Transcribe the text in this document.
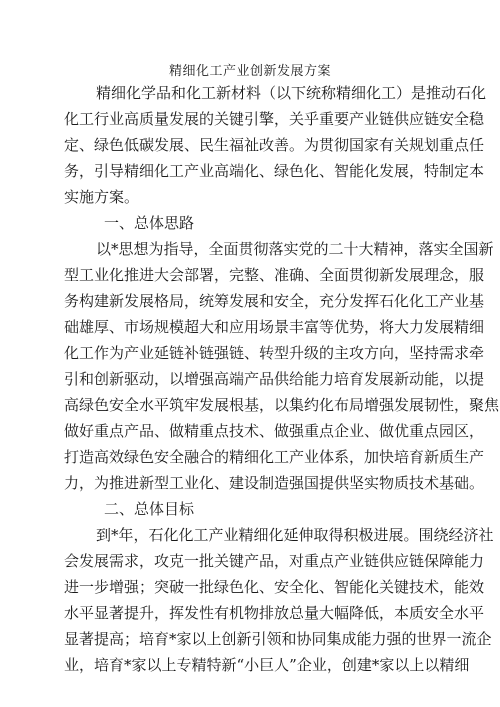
精细化工产业创新发展方案
精细化学品和化工新材料（以下统称精细化工）是推动石化
化工行业高质量发展的关键引擎，关乎重要产业链供应链安全稳
定、绿色低碳发展、民生福祉改善。为贯彻国家有关规划重点任
务，引导精细化工产业高端化、绿色化、智能化发展，特制定本
实施方案。
一、总体思路
以*思想为指导，全面贯彻落实党的二十大精神，落实全国新
型工业化推进大会部署，完整、准确、全面贯彻新发展理念，服
务构建新发展格局，统筹发展和安全，充分发挥石化化工产业基
础雄厚、市场规模超大和应用场景丰富等优势，将大力发展精细
化工作为产业延链补链强链、转型升级的主攻方向，坚持需求牵
引和创新驱动，以增强高端产品供给能力培育发展新动能，以提
高绿色安全水平筑牢发展根基，以集约化布局增强发展韧性，聚焦
做好重点产品、做精重点技术、做强重点企业、做优重点园区，
打造高效绿色安全融合的精细化工产业体系，加快培育新质生产
力，为推进新型工业化、建设制造强国提供坚实物质技术基础。
二、总体目标
到*年，石化化工产业精细化延伸取得积极进展。围绕经济社
会发展需求，攻克一批关键产品，对重点产业链供应链保障能力
进一步增强；突破一批绿色化、安全化、智能化关键技术，能效
水平显著提升，挥发性有机物排放总量大幅降低，本质安全水平
显著提高；培育*家以上创新引领和协同集成能力强的世界一流企
业，培育*家以上专精特新“小巨人”企业，创建*家以上以精细
